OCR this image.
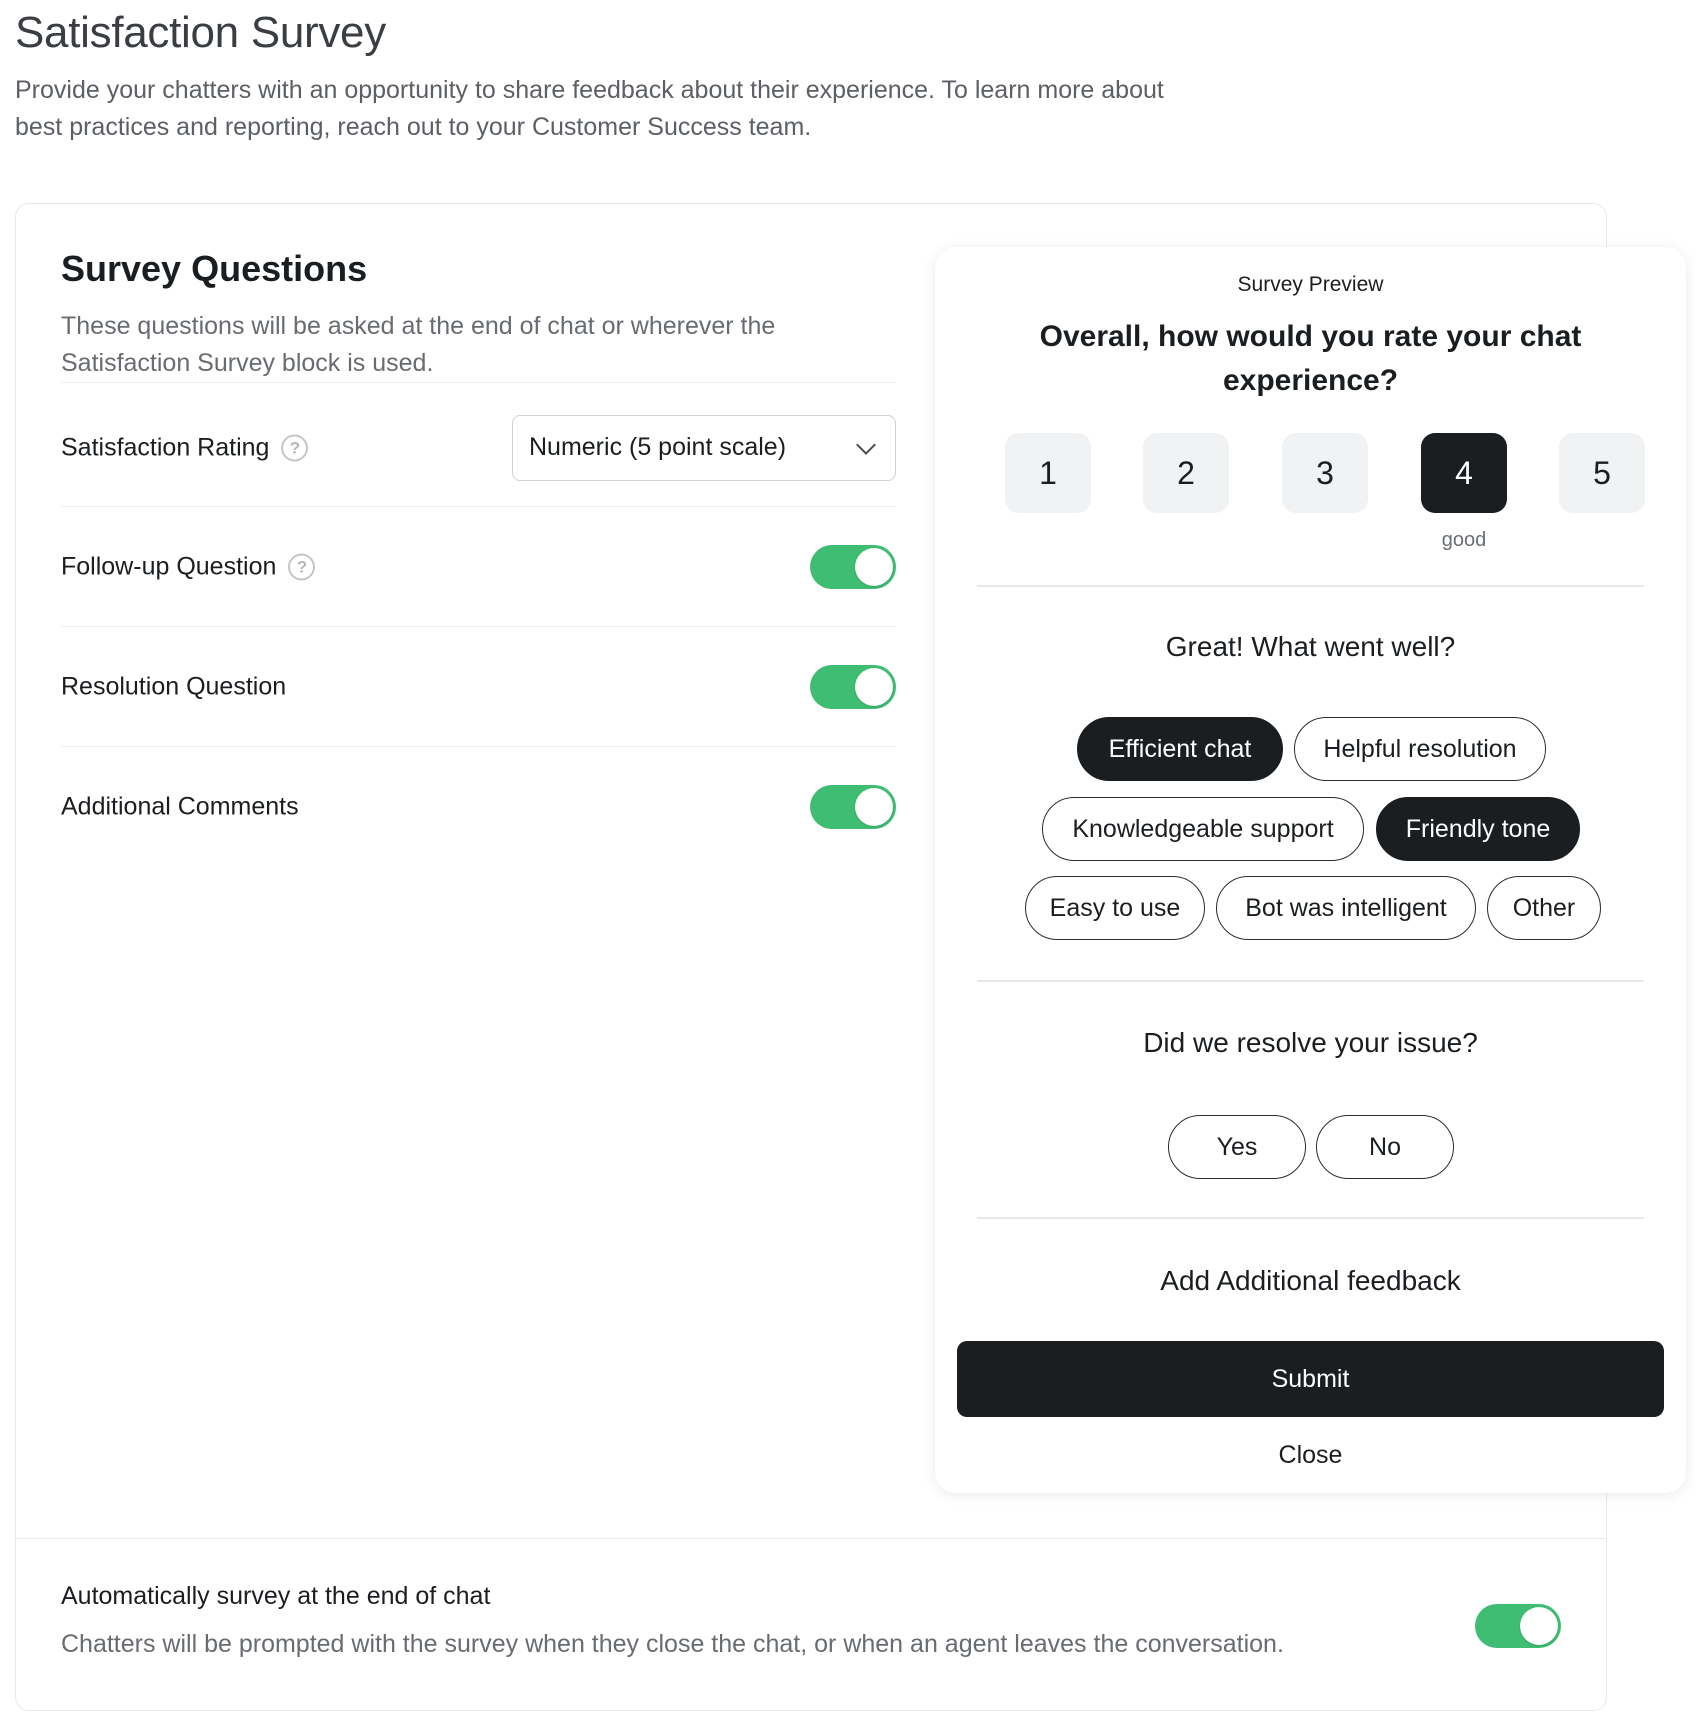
Satisfaction Survey

Provide your chatters with an opportunity to share feedback about their experience. To learn more about best practices and reporting, reach out to your Customer Success team.

Survey Questions

These questions will be asked at the end of chat or wherever the Satisfaction Survey block is used.

Satisfaction Rating	?	Numeric (5 point scale)
Follow-up Question	?
Resolution Question
Additional Comments
Automatically survey at the end of chat
Chatters will be prompted with the survey when they close the chat, or when an agent leaves the conversation.
Survey Preview
Overall, how would you rate your chat experience?
1	2	3	4	5
good
Great! What went well?
Efficient chat	Helpful resolution
Knowledgeable support	Friendly tone
Easy to use	Bot was intelligent	Other
Did we resolve your issue?
Yes	No
Add Additional feedback
Submit
Close
